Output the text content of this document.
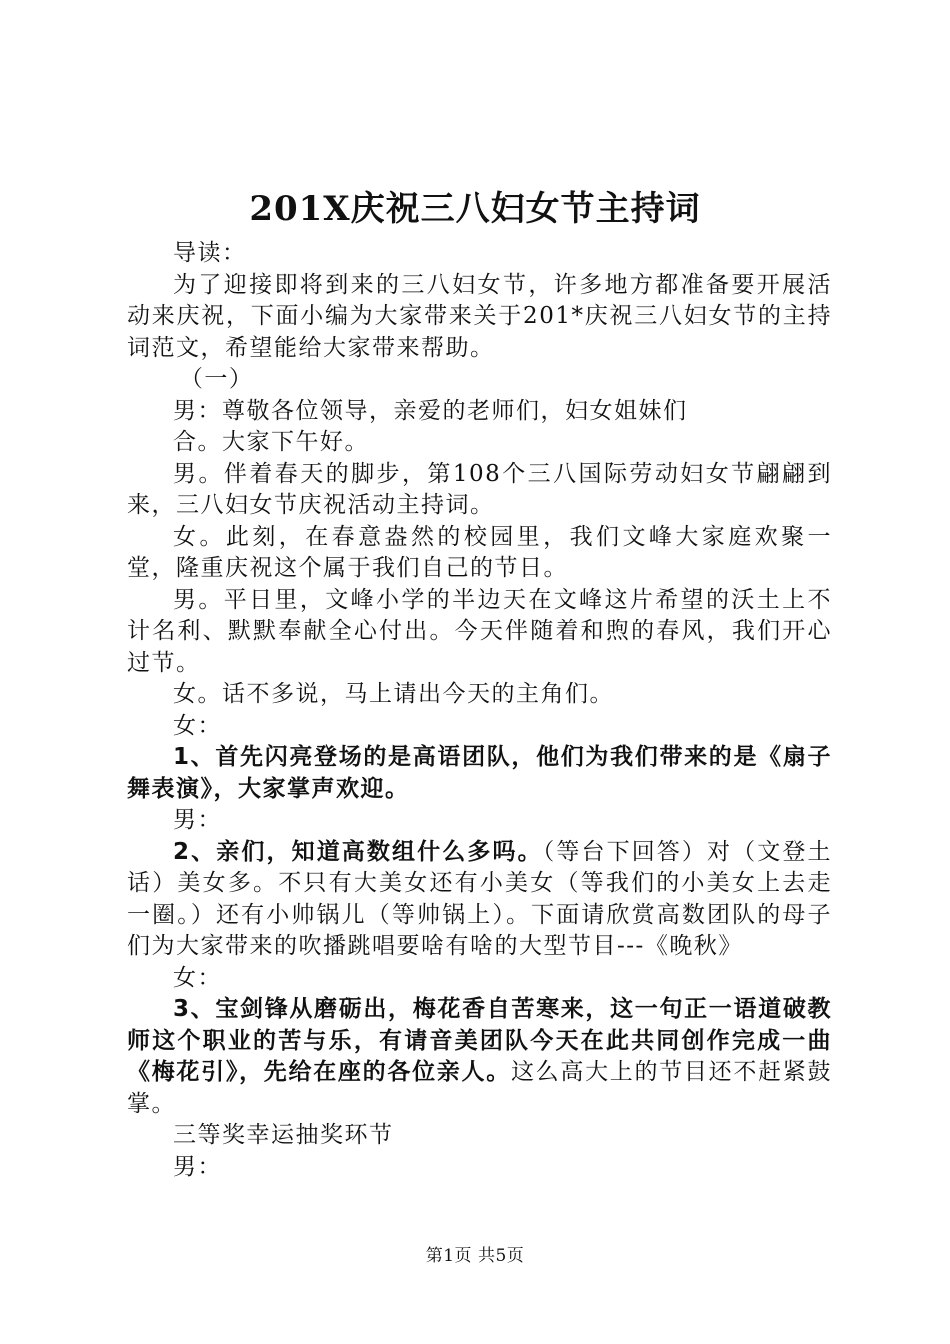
201X庆祝三八妇女节主持词

导读：

为了迎接即将到来的三八妇女节，许多地方都准备要开展活动来庆祝，下面小编为大家带来关于201*庆祝三八妇女节的主持词范文，希望能给大家带来帮助。

（一）

男：尊敬各位领导，亲爱的老师们，妇女姐妹们

合。大家下午好。

男。伴着春天的脚步，第108个三八国际劳动妇女节翩翩到来，三八妇女节庆祝活动主持词。

女。此刻，在春意盎然的校园里，我们文峰大家庭欢聚一堂，隆重庆祝这个属于我们自己的节日。

男。平日里，文峰小学的半边天在文峰这片希望的沃土上不计名利、默默奉献全心付出。今天伴随着和煦的春风，我们开心过节。

女。话不多说，马上请出今天的主角们。

女：

1、首先闪亮登场的是高语团队，他们为我们带来的是《扇子舞表演》，大家掌声欢迎。

男：

2、亲们，知道高数组什么多吗。（等台下回答）对（文登土话）美女多。不只有大美女还有小美女（等我们的小美女上去走一圈。）还有小帅锅儿（等帅锅上）。下面请欣赏高数团队的母子们为大家带来的吹播跳唱要啥有啥的大型节目---《晚秋》

女：

3、宝剑锋从磨砺出，梅花香自苦寒来，这一句正一语道破教师这个职业的苦与乐，有请音美团队今天在此共同创作完成一曲《梅花引》，先给在座的各位亲人。这么高大上的节目还不赶紧鼓掌。

三等奖幸运抽奖环节

男：

第1页 共5页
